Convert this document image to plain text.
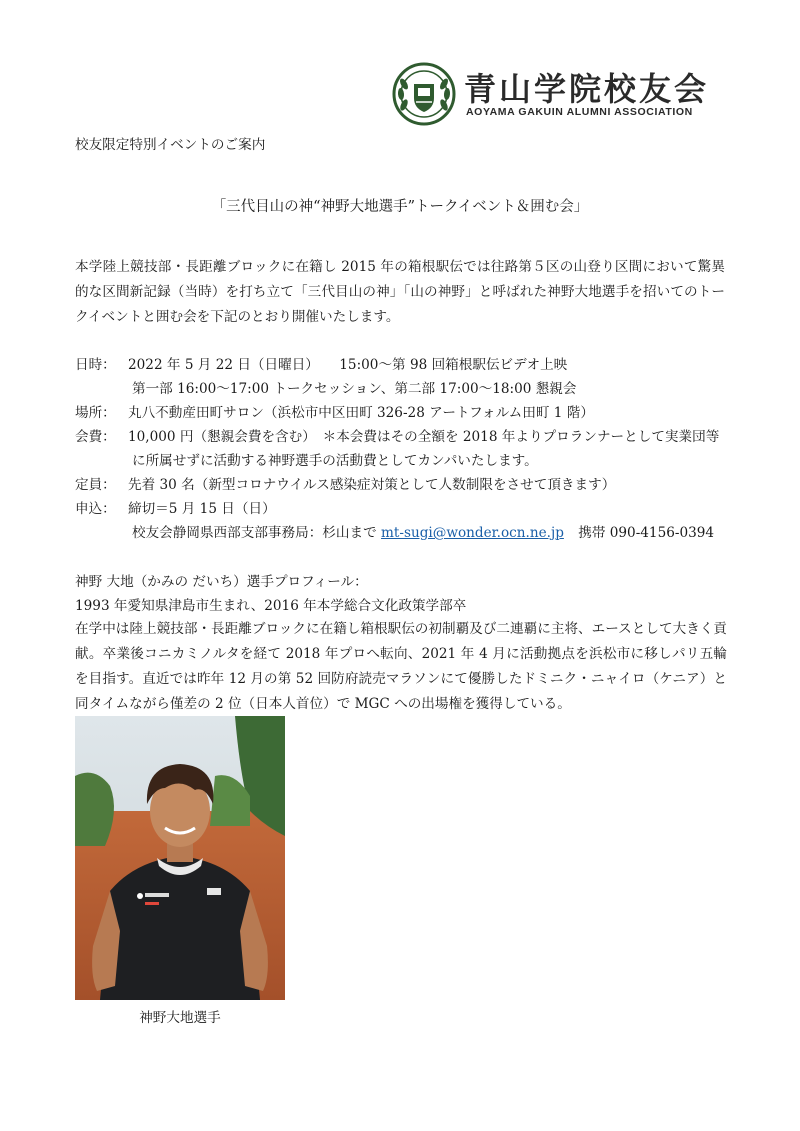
青山学院校友会
AOYAMA GAKUIN ALUMNI ASSOCIATION
校友限定特別イベントのご案内
「三代目山の神“神野大地選手”トークイベント＆囲む会」
本学陸上競技部・長距離ブロックに在籍し 2015 年の箱根駅伝では往路第５区の山登り区間において驚異的な区間新記録（当時）を打ち立て「三代目山の神」「山の神野」と呼ばれた神野大地選手を招いてのトークイベントと囲む会を下記のとおり開催いたします。
日時： 2022 年 5 月 22 日（日曜日）　　15:00～第 98 回箱根駅伝ビデオ上映
第一部 16:00～17:00 トークセッション、第二部 17:00～18:00 懇親会
場所： 丸八不動産田町サロン（浜松市中区田町 326-28 アートフォルム田町 1 階）
会費： 10,000 円（懇親会費を含む）　＊本会費はその全額を 2018 年よりプロランナーとして実業団等
に所属せずに活動する神野選手の活動費としてカンパいたします。
定員： 先着 30 名（新型コロナウイルス感染症対策として人数制限をさせて頂きます）
申込： 締切＝5 月 15 日（日）
校友会静岡県西部支部事務局：杉山まで mt-sugi@wonder.ocn.ne.jp 携帯 090-4156-0394
神野 大地（かみの だいち）選手プロフィール：
1993 年愛知県津島市生まれ、2016 年本学総合文化政策学部卒
在学中は陸上競技部・長距離ブロックに在籍し箱根駅伝の初制覇及び二連覇に主将、エースとして大きく貢献。卒業後コニカミノルタを経て 2018 年プロへ転向、2021 年 4 月に活動拠点を浜松市に移しパリ五輪を目指す。直近では昨年 12 月の第 52 回防府読売マラソンにて優勝したドミニク・ニャイロ（ケニア）と同タイムながら僅差の 2 位（日本人首位）で MGC への出場権を獲得している。
神野大地選手
